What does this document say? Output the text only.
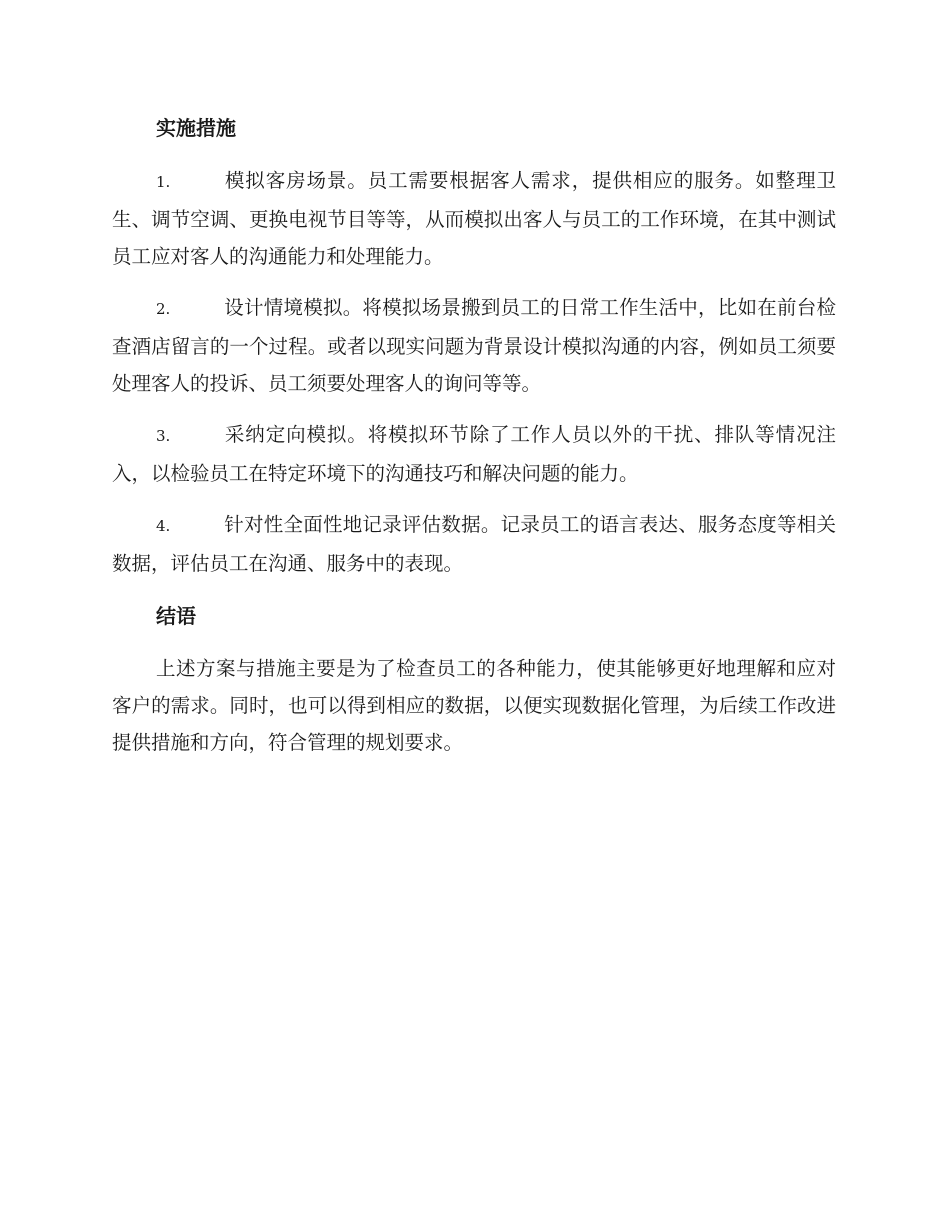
实施措施

1.	模拟客房场景。员工需要根据客人需求，提供相应的服务。如整理卫生、调节空调、更换电视节目等等，从而模拟出客人与员工的工作环境，在其中测试员工应对客人的沟通能力和处理能力。

2.	设计情境模拟。将模拟场景搬到员工的日常工作生活中，比如在前台检查酒店留言的一个过程。或者以现实问题为背景设计模拟沟通的内容，例如员工须要处理客人的投诉、员工须要处理客人的询问等等。

3.	采纳定向模拟。将模拟环节除了工作人员以外的干扰、排队等情况注入，以检验员工在特定环境下的沟通技巧和解决问题的能力。

4.	针对性全面性地记录评估数据。记录员工的语言表达、服务态度等相关数据，评估员工在沟通、服务中的表现。

结语

上述方案与措施主要是为了检查员工的各种能力，使其能够更好地理解和应对客户的需求。同时，也可以得到相应的数据，以便实现数据化管理，为后续工作改进提供措施和方向，符合管理的规划要求。
